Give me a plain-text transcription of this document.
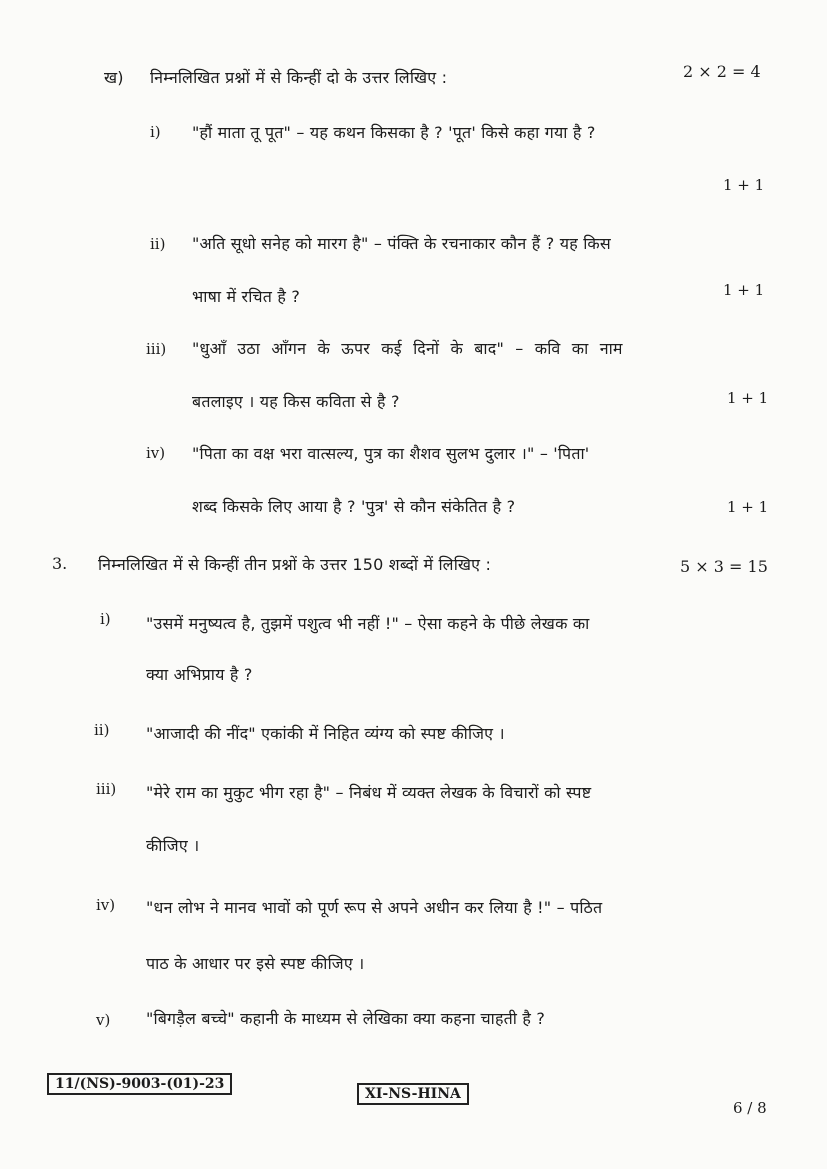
ख) निम्नलिखित प्रश्नों में से किन्हीं दो के उत्तर लिखिए :	2 × 2 = 4
i) "हौं माता तू पूत" – यह कथन किसका है ? 'पूत' किसे कहा गया है ?
1 + 1
ii) "अति सूधो सनेह को मारग है" – पंक्ति के रचनाकार कौन हैं ? यह किस
भाषा में रचित है ?	1 + 1
iii) "धुआँ उठा आँगन के ऊपर कई दिनों के बाद" – कवि का नाम
बतलाइए । यह किस कविता से है ?	1 + 1
iv) "पिता का वक्ष भरा वात्सल्य, पुत्र का शैशव सुलभ दुलार ।" – 'पिता'
शब्द किसके लिए आया है ? 'पुत्र' से कौन संकेतित है ?	1 + 1
3. निम्नलिखित में से किन्हीं तीन प्रश्नों के उत्तर 150 शब्दों में लिखिए :	5 × 3 = 15
i) "उसमें मनुष्यत्व है, तुझमें पशुत्व भी नहीं !" – ऐसा कहने के पीछे लेखक का
क्या अभिप्राय है ?
ii) "आजादी की नींद" एकांकी में निहित व्यंग्य को स्पष्ट कीजिए ।
iii) "मेरे राम का मुकुट भीग रहा है" – निबंध में व्यक्त लेखक के विचारों को स्पष्ट
कीजिए ।
iv) "धन लोभ ने मानव भावों को पूर्ण रूप से अपने अधीन कर लिया है !" – पठित
पाठ के आधार पर इसे स्पष्ट कीजिए ।
v) "बिगड़ैल बच्चे" कहानी के माध्यम से लेखिका क्या कहना चाहती है ?
11/(NS)-9003-(01)-23
XI-NS-HINA
6 / 8
